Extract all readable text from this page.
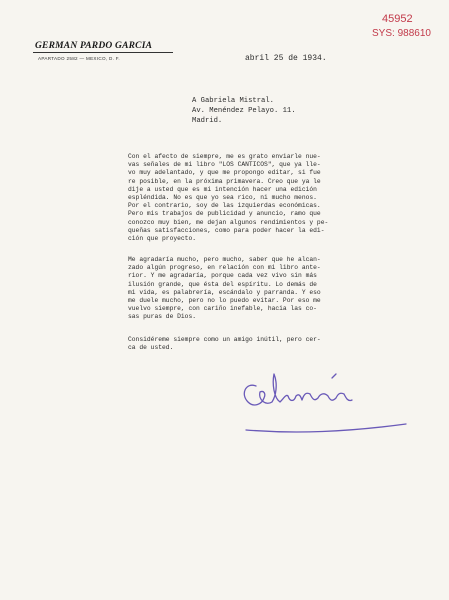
45952
SYS: 988610
GERMAN PARDO GARCIA
APARTADO 2582 — MEXICO, D. F.	abril 25 de 1934.
A Gabriela Mistral.
Av. Menéndez Pelayo. 11.
Madrid.
Con el afecto de siempre, me es grato enviarle nue-
vas señales de mi libro "LOS CANTICOS", que ya lle-
vo muy adelantado, y que me propongo editar, si fue
re posible, en la próxima primavera. Creo que ya le
dije a usted que es mi intención hacer una edición
espléndida. No es que yo sea rico, ni mucho menos.
Por el contrario, soy de las izquierdas económicas.
Pero mis trabajos de publicidad y anuncio, ramo que
conozco muy bien, me dejan algunos rendimientos y pe-
queñas satisfacciones, como para poder hacer la edi-
ción que proyecto.
Me agradaría mucho, pero mucho, saber que he alcan-
zado algún progreso, en relación con mi libro ante-
rior. Y me agradaría, porque cada vez vivo sin más
ilusión grande, que ésta del espíritu. Lo demás de
mi vida, es palabrería, escándalo y parranda. Y eso
me duele mucho, pero no lo puedo evitar. Por eso me
vuelvo siempre, con cariño inefable, hacia las co-
sas puras de Dios.
Considéreme siempre como un amigo inútil, pero cer-
ca de usted.
